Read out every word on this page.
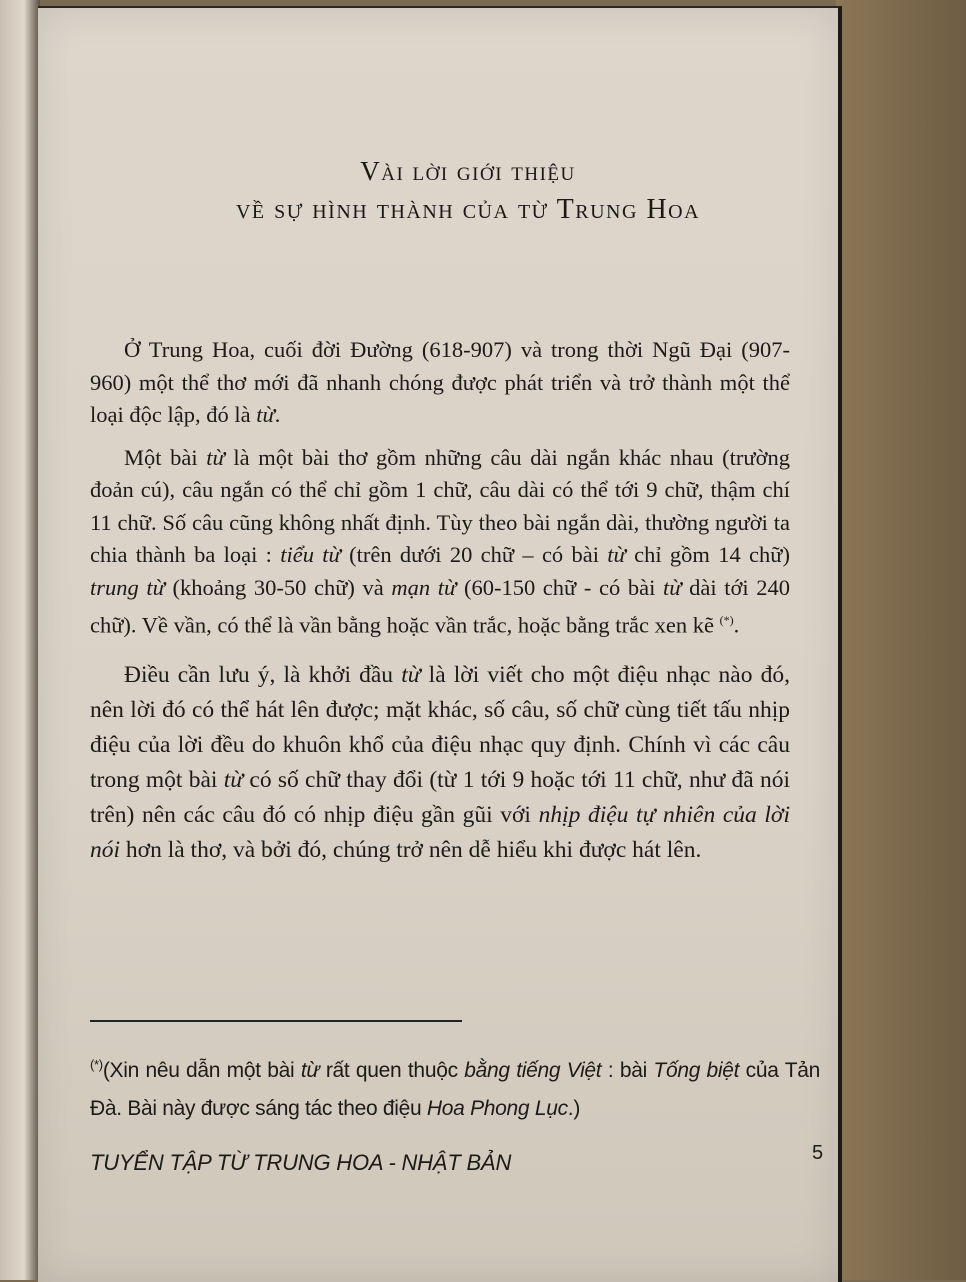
Vài lời giới thiệu
về sự hình thành của từ Trung Hoa

Ở Trung Hoa, cuối đời Đường (618-907) và trong thời Ngũ Đại (907-960) một thể thơ mới đã nhanh chóng được phát triển và trở thành một thể loại độc lập, đó là từ.

Một bài từ là một bài thơ gồm những câu dài ngắn khác nhau (trường đoản cú), câu ngắn có thể chỉ gồm 1 chữ, câu dài có thể tới 9 chữ, thậm chí 11 chữ. Số câu cũng không nhất định. Tùy theo bài ngắn dài, thường người ta chia thành ba loại : tiểu từ (trên dưới 20 chữ – có bài từ chỉ gồm 14 chữ) trung từ (khoảng 30-50 chữ) và mạn từ (60-150 chữ - có bài từ dài tới 240 chữ). Về vần, có thể là vần bằng hoặc vần trắc, hoặc bằng trắc xen kẽ (*).

Điều cần lưu ý, là khởi đầu từ là lời viết cho một điệu nhạc nào đó, nên lời đó có thể hát lên được; mặt khác, số câu, số chữ cùng tiết tấu nhịp điệu của lời đều do khuôn khổ của điệu nhạc quy định. Chính vì các câu trong một bài từ có số chữ thay đổi (từ 1 tới 9 hoặc tới 11 chữ, như đã nói trên) nên các câu đó có nhịp điệu gần gũi với nhịp điệu tự nhiên của lời nói hơn là thơ, và bởi đó, chúng trở nên dễ hiểu khi được hát lên.

(*)(Xin nêu dẫn một bài từ rất quen thuộc bằng tiếng Việt : bài Tống biệt của Tản Đà. Bài này được sáng tác theo điệu Hoa Phong Lục.)
TUYỂN TẬP TỪ TRUNG HOA - NHẬT BẢN	5
